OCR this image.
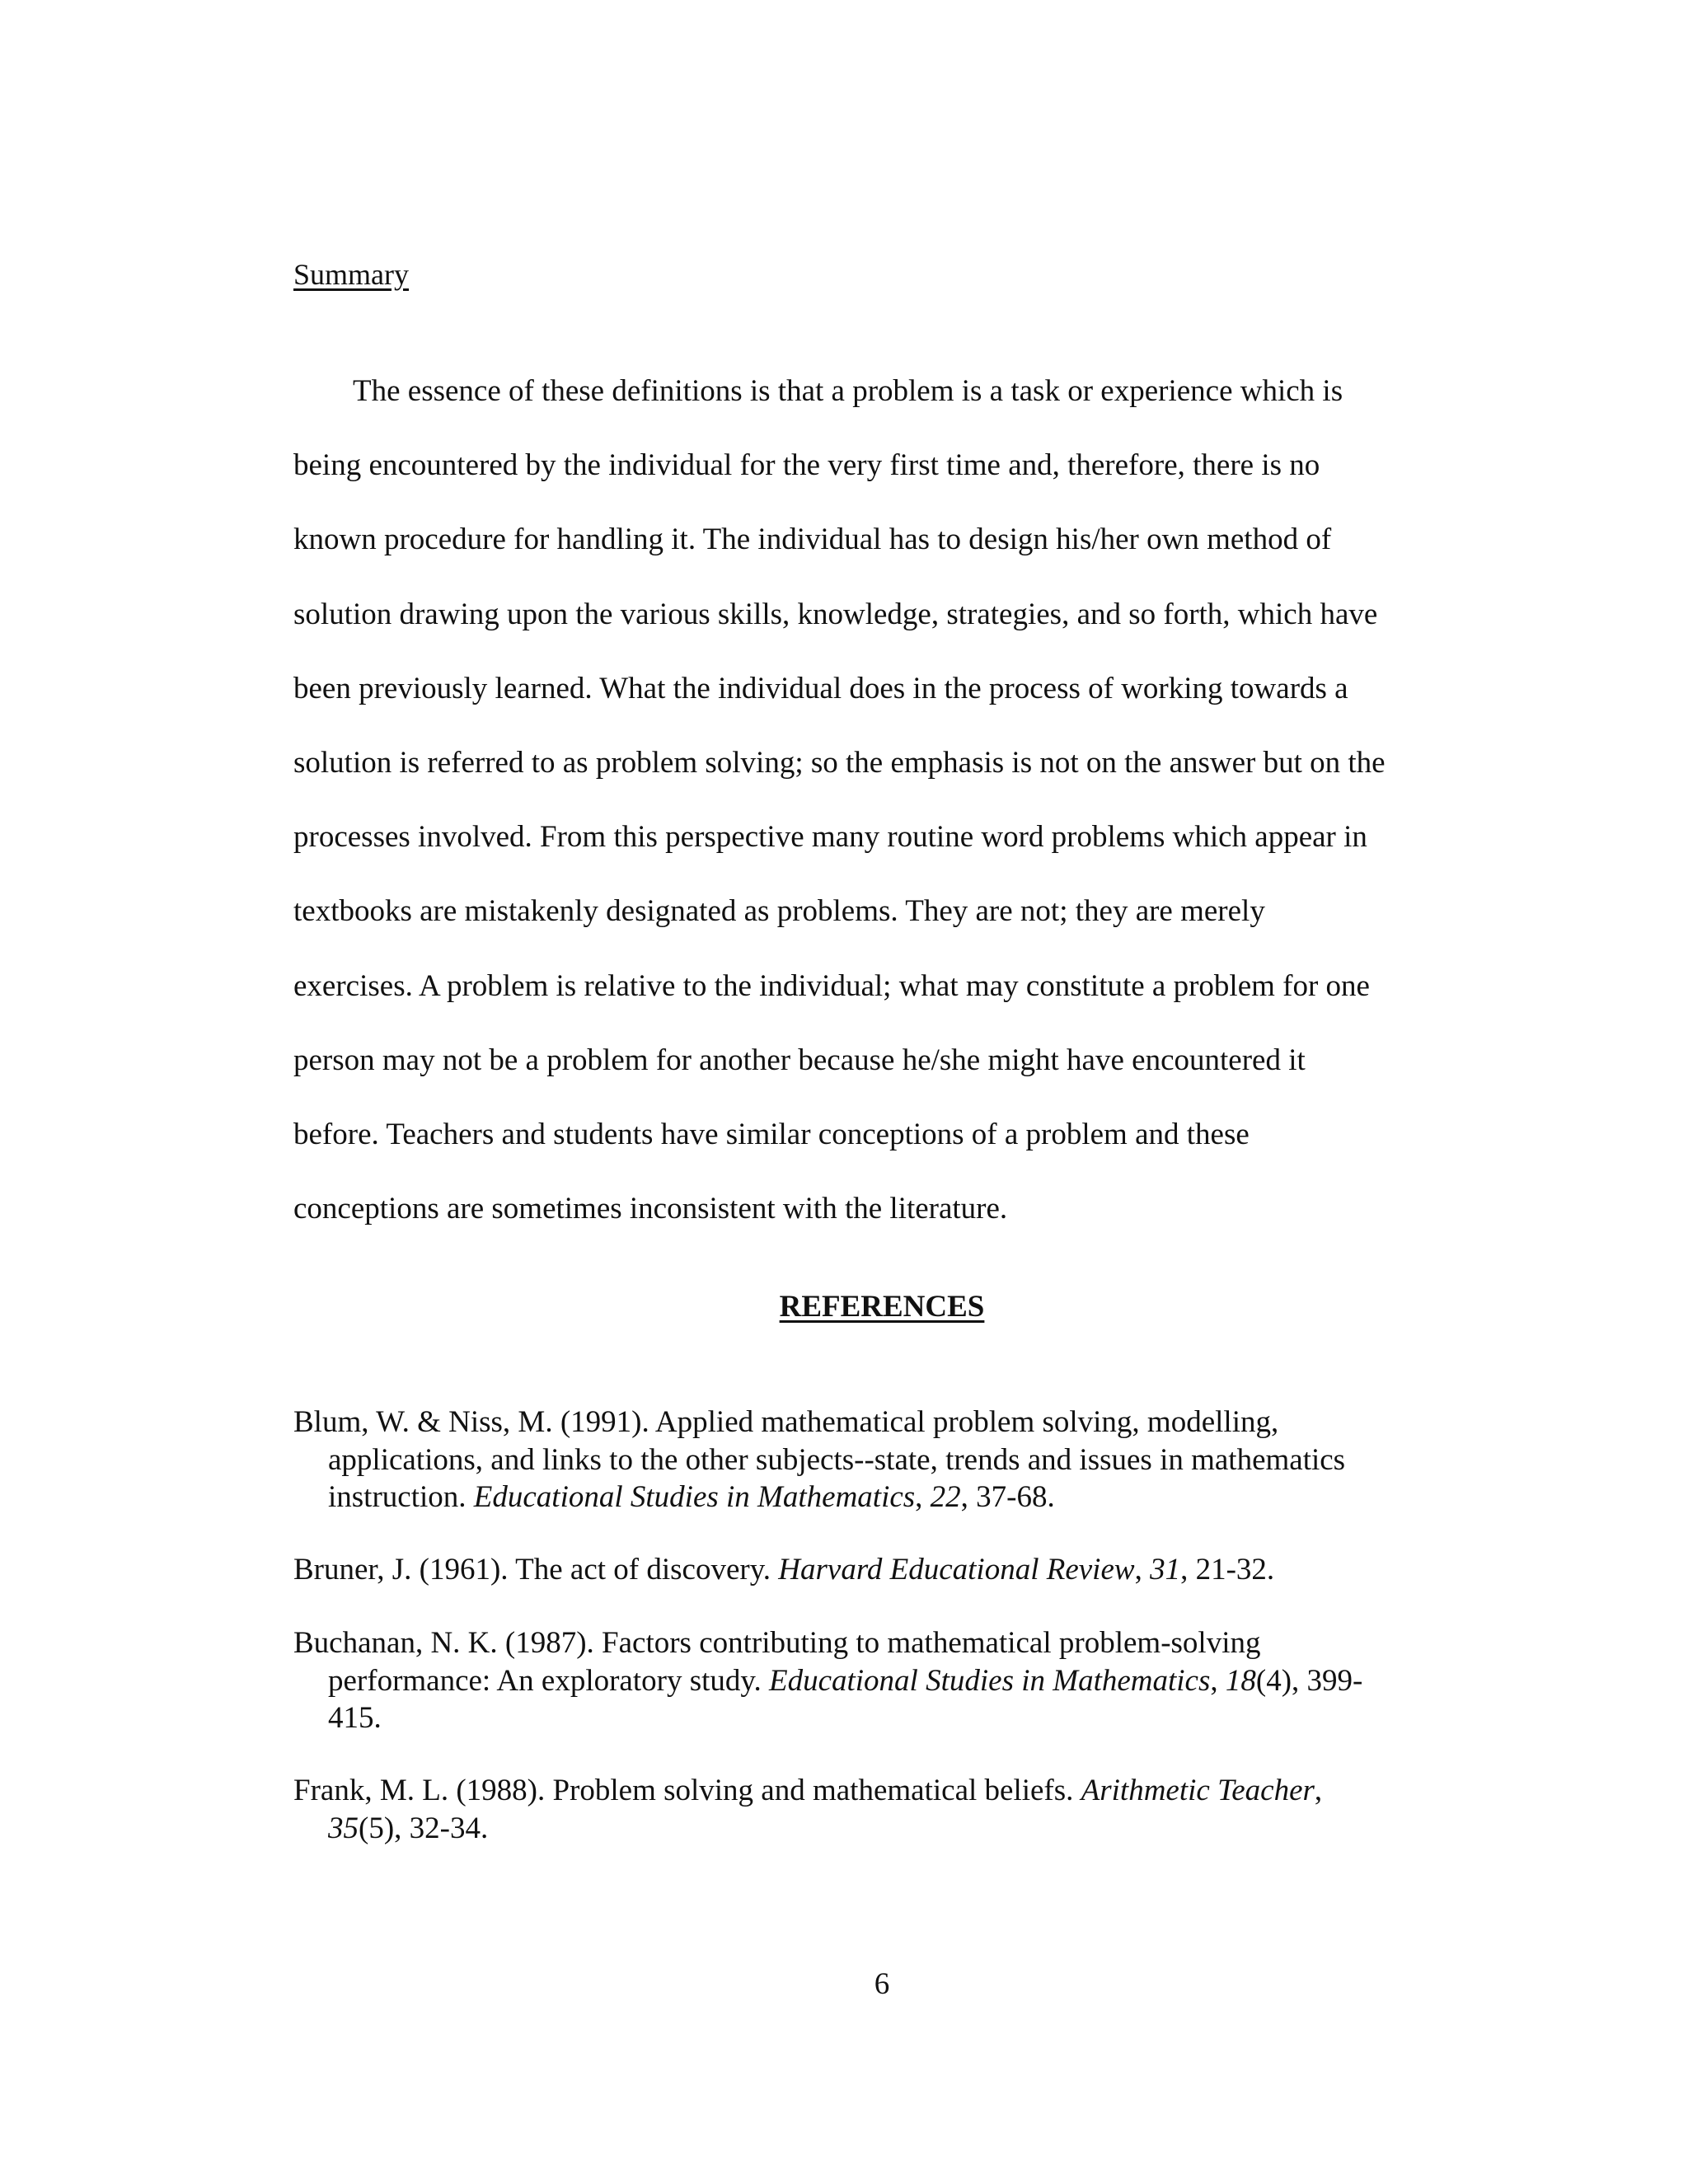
Summary
The essence of these definitions is that a problem is a task or experience which is
being encountered by the individual for the very first time and, therefore, there is no
known procedure for handling it. The individual has to design his/her own method of
solution drawing upon the various skills, knowledge, strategies, and so forth, which have
been previously learned. What the individual does in the process of working towards a
solution is referred to as problem solving; so the emphasis is not on the answer but on the
processes involved. From this perspective many routine word problems which appear in
textbooks are mistakenly designated as problems. They are not; they are merely
exercises. A problem is relative to the individual; what may constitute a problem for one
person may not be a problem for another because he/she might have encountered it
before. Teachers and students have similar conceptions of a problem and these
conceptions are sometimes inconsistent with the literature.
REFERENCES
Blum, W. & Niss, M. (1991). Applied mathematical problem solving, modelling,
applications, and links to the other subjects--state, trends and issues in mathematics
instruction. Educational Studies in Mathematics, 22, 37-68.
Bruner, J. (1961). The act of discovery. Harvard Educational Review, 31, 21-32.
Buchanan, N. K. (1987). Factors contributing to mathematical problem-solving
performance: An exploratory study. Educational Studies in Mathematics, 18(4), 399-
415.
Frank, M. L. (1988). Problem solving and mathematical beliefs. Arithmetic Teacher,
35(5), 32-34.
6
